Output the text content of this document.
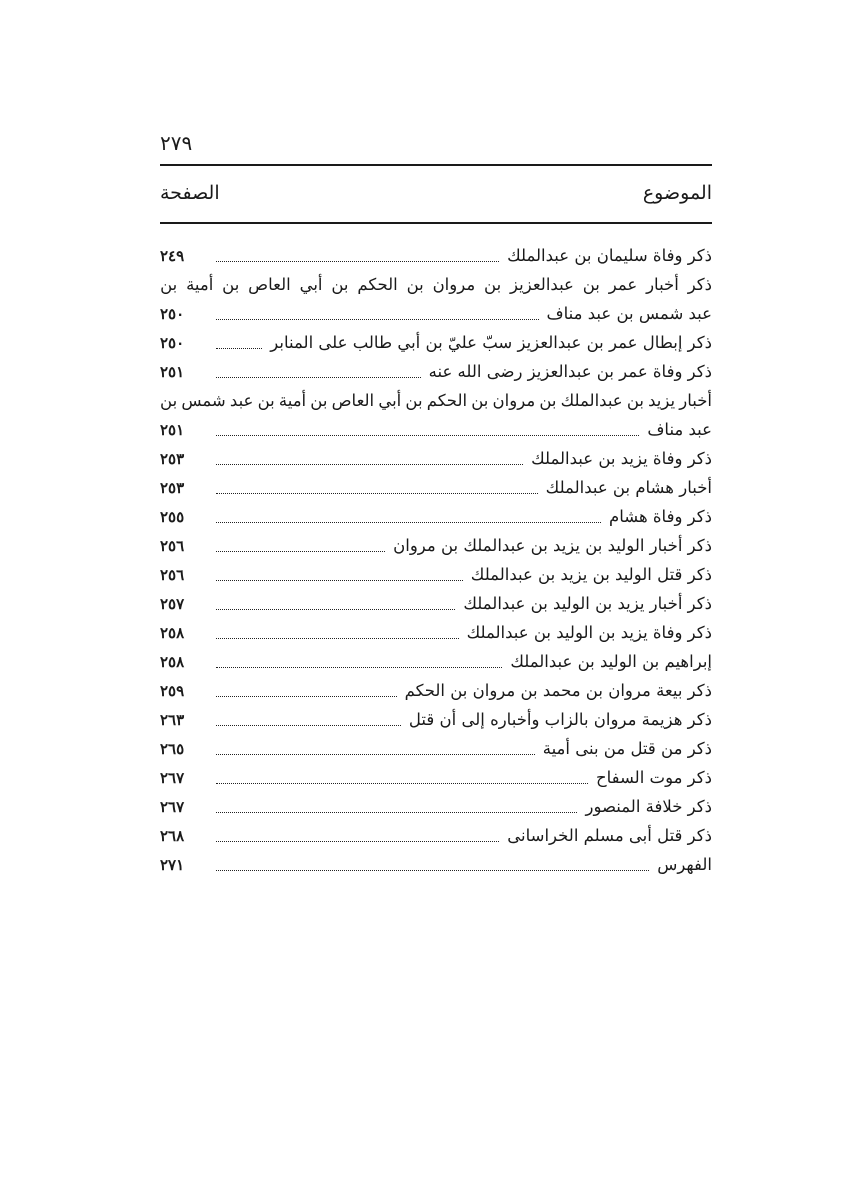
٢٧٩
الموضوع
الصفحة
ذكر وفاة سليمان بن عبدالملك
٢٤٩
ذكر
أخبار
عمر
بن
عبدالعزيز
بن
مروان
بن
الحكم
بن
أبي
العاص
بن
أمية
بن
عبد شمس بن عبد مناف
٢٥٠
ذكر إبطال عمر بن عبدالعزيز سبّ عليّ بن أبي طالب على المنابر
٢٥٠
ذكر وفاة عمر بن عبدالعزيز رضى الله عنه
٢٥١
أخبار
يزيد
بن
عبدالملك
بن
مروان
بن
الحكم
بن
أبي
العاص
بن
أمية
بن
عبد
شمس
بن
عبد مناف
٢٥١
ذكر وفاة يزيد بن عبدالملك
٢٥٣
أخبار هشام بن عبدالملك
٢٥٣
ذكر وفاة هشام
٢٥٥
ذكر أخبار الوليد بن يزيد بن عبدالملك بن مروان
٢٥٦
ذكر قتل الوليد بن يزيد بن عبدالملك
٢٥٦
ذكر أخبار يزيد بن الوليد بن عبدالملك
٢٥٧
ذكر وفاة يزيد بن الوليد بن عبدالملك
٢٥٨
إبراهيم بن الوليد بن عبدالملك
٢٥٨
ذكر بيعة مروان بن محمد بن مروان بن الحكم
٢٥٩
ذكر هزيمة مروان بالزاب وأخباره إلى أن قتل
٢٦٣
ذكر من قتل من بنى أمية
٢٦٥
ذكر موت السفاح
٢٦٧
ذكر خلافة المنصور
٢٦٧
ذكر قتل أبى مسلم الخراسانى
٢٦٨
الفهرس
٢٧١
